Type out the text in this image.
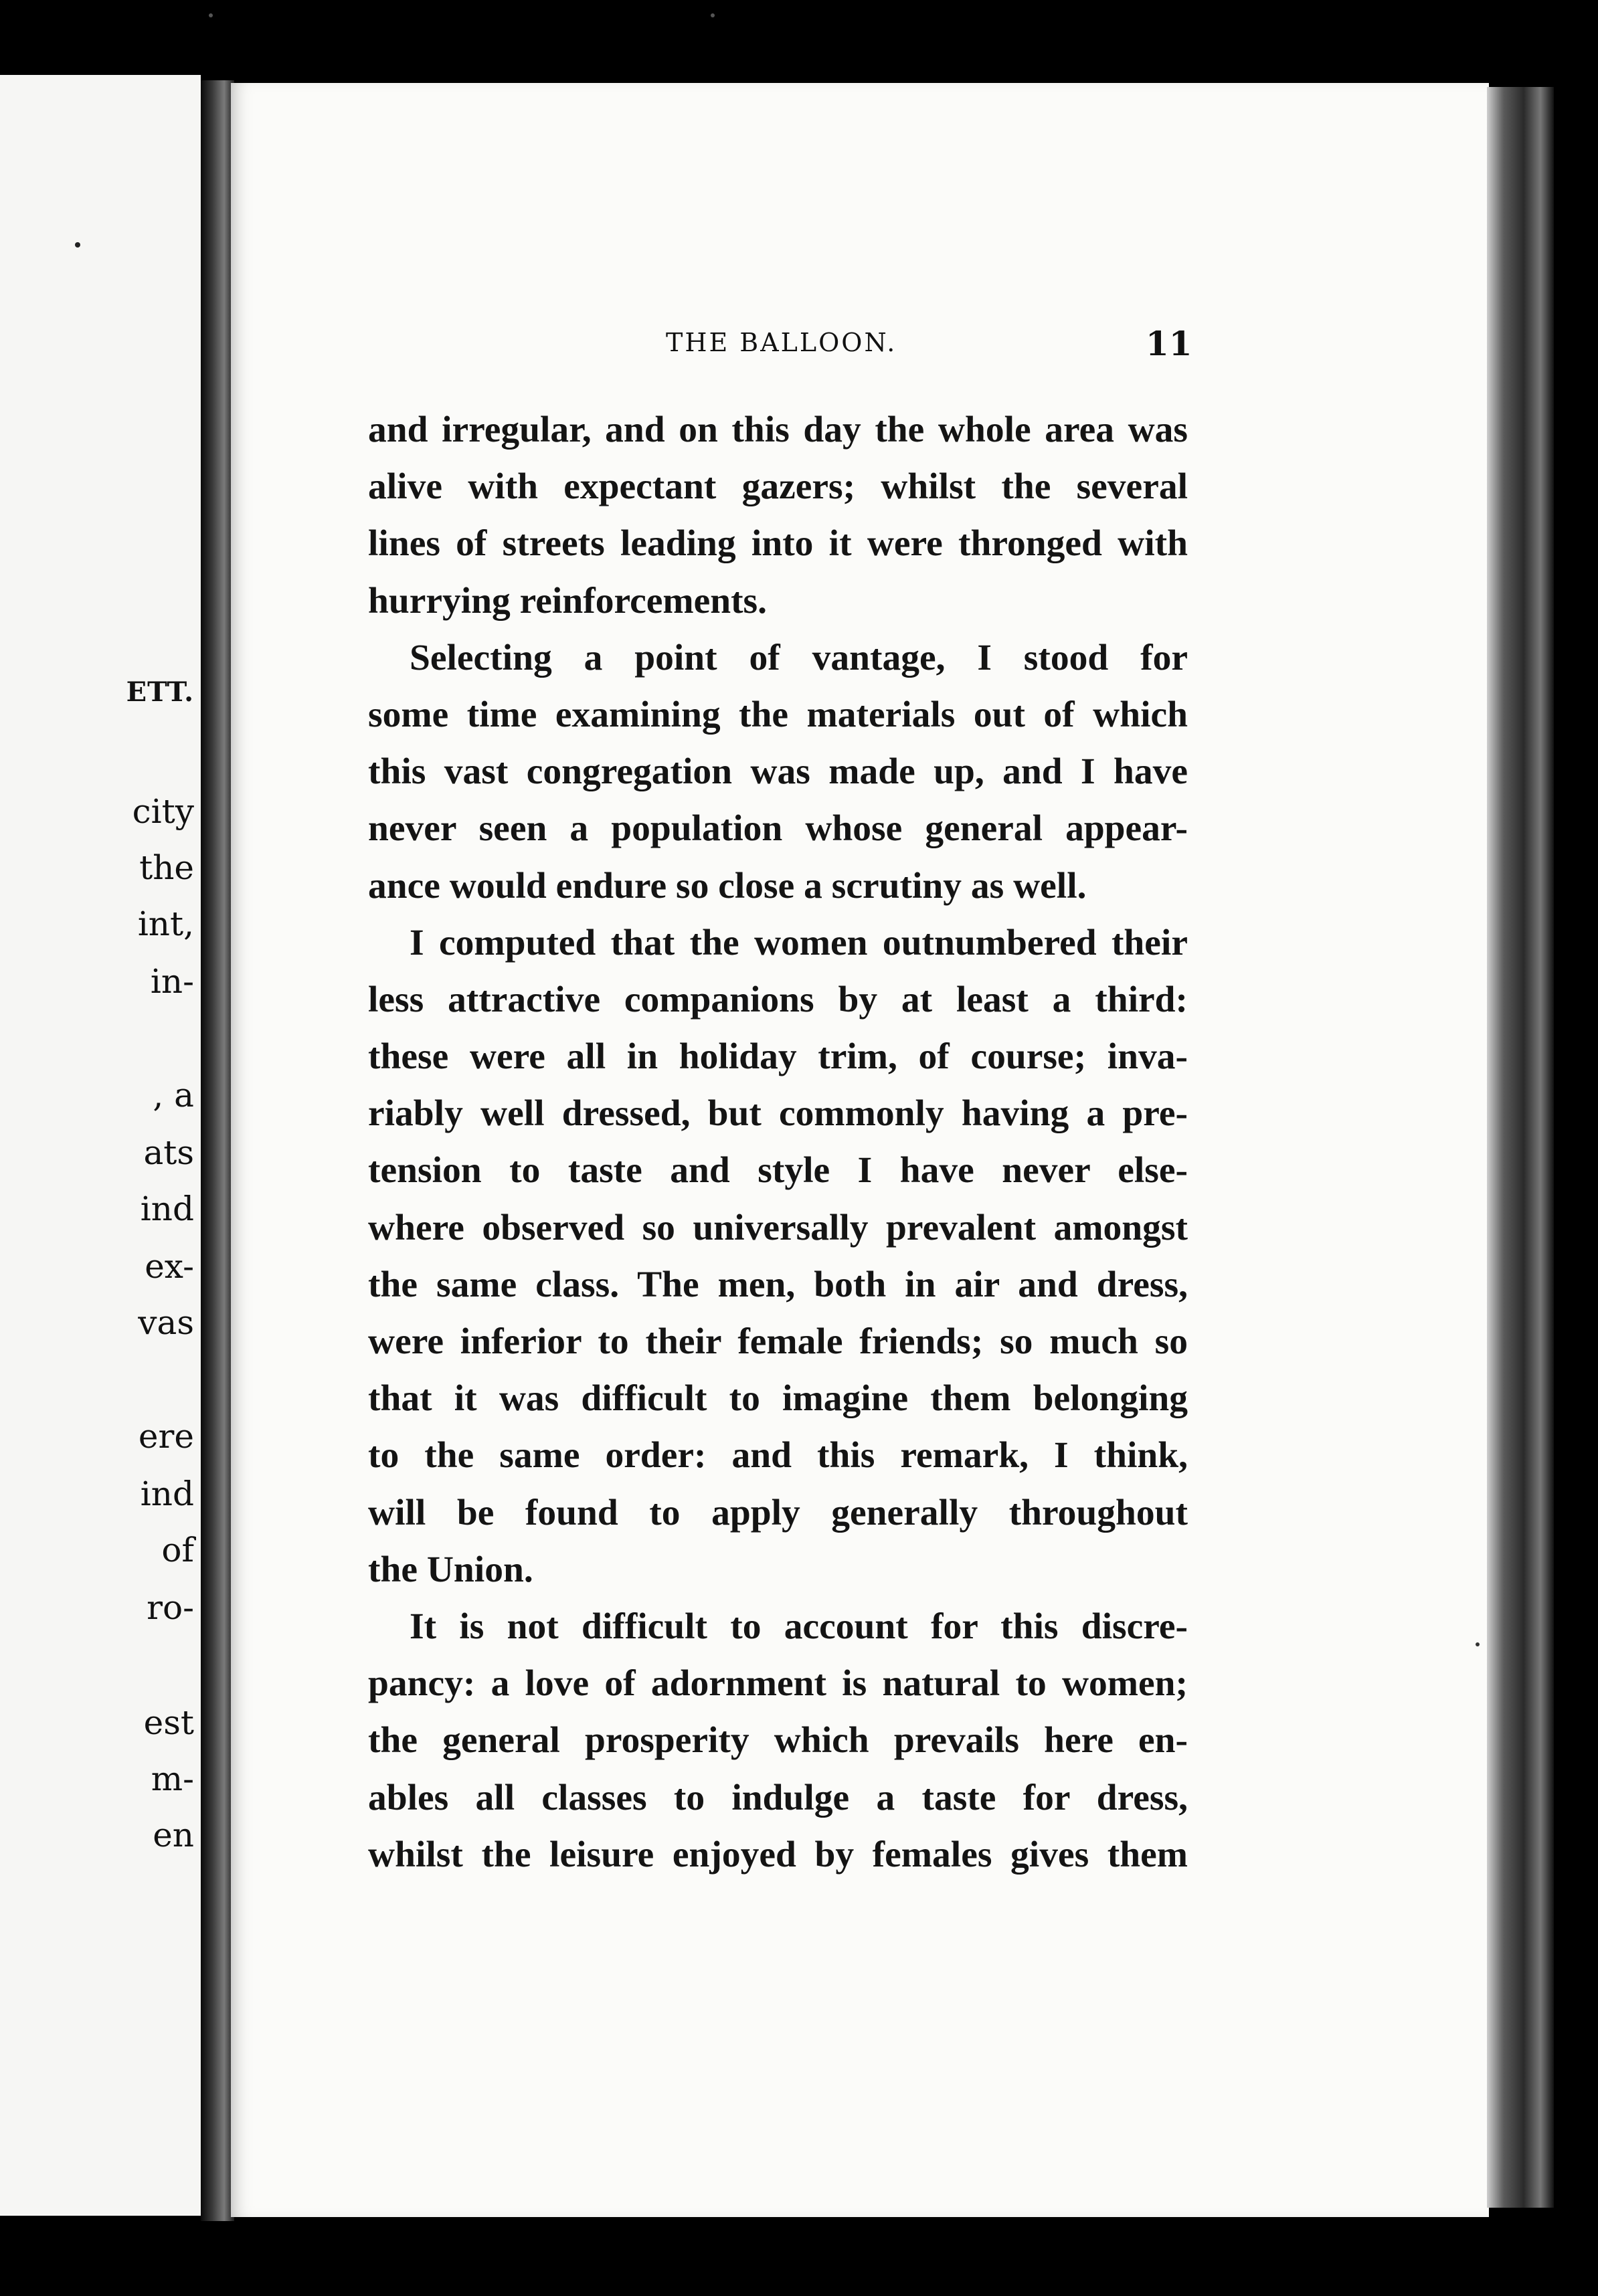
ETT.

city

the

int,

in-

, a

ats

ind

ex-

vas

ere

ind

of

ro-

est

m-

en

THE BALLOON.	11

and irregular, and on this day the whole area was

alive with expectant gazers; whilst the several

lines of streets leading into it were thronged with

hurrying reinforcements.

Selecting a point of vantage, I stood for

some time examining the materials out of which

this vast congregation was made up, and I have

never seen a population whose general appear-

ance would endure so close a scrutiny as well.

I computed that the women outnumbered their

less attractive companions by at least a third:

these were all in holiday trim, of course; inva-

riably well dressed, but commonly having a pre-

tension to taste and style I have never else-

where observed so universally prevalent amongst

the same class. The men, both in air and dress,

were inferior to their female friends; so much so

that it was difficult to imagine them belonging

to the same order: and this remark, I think,

will be found to apply generally throughout

the Union.

It is not difficult to account for this discre-

pancy: a love of adornment is natural to women;

the general prosperity which prevails here en-

ables all classes to indulge a taste for dress,

whilst the leisure enjoyed by females gives them
